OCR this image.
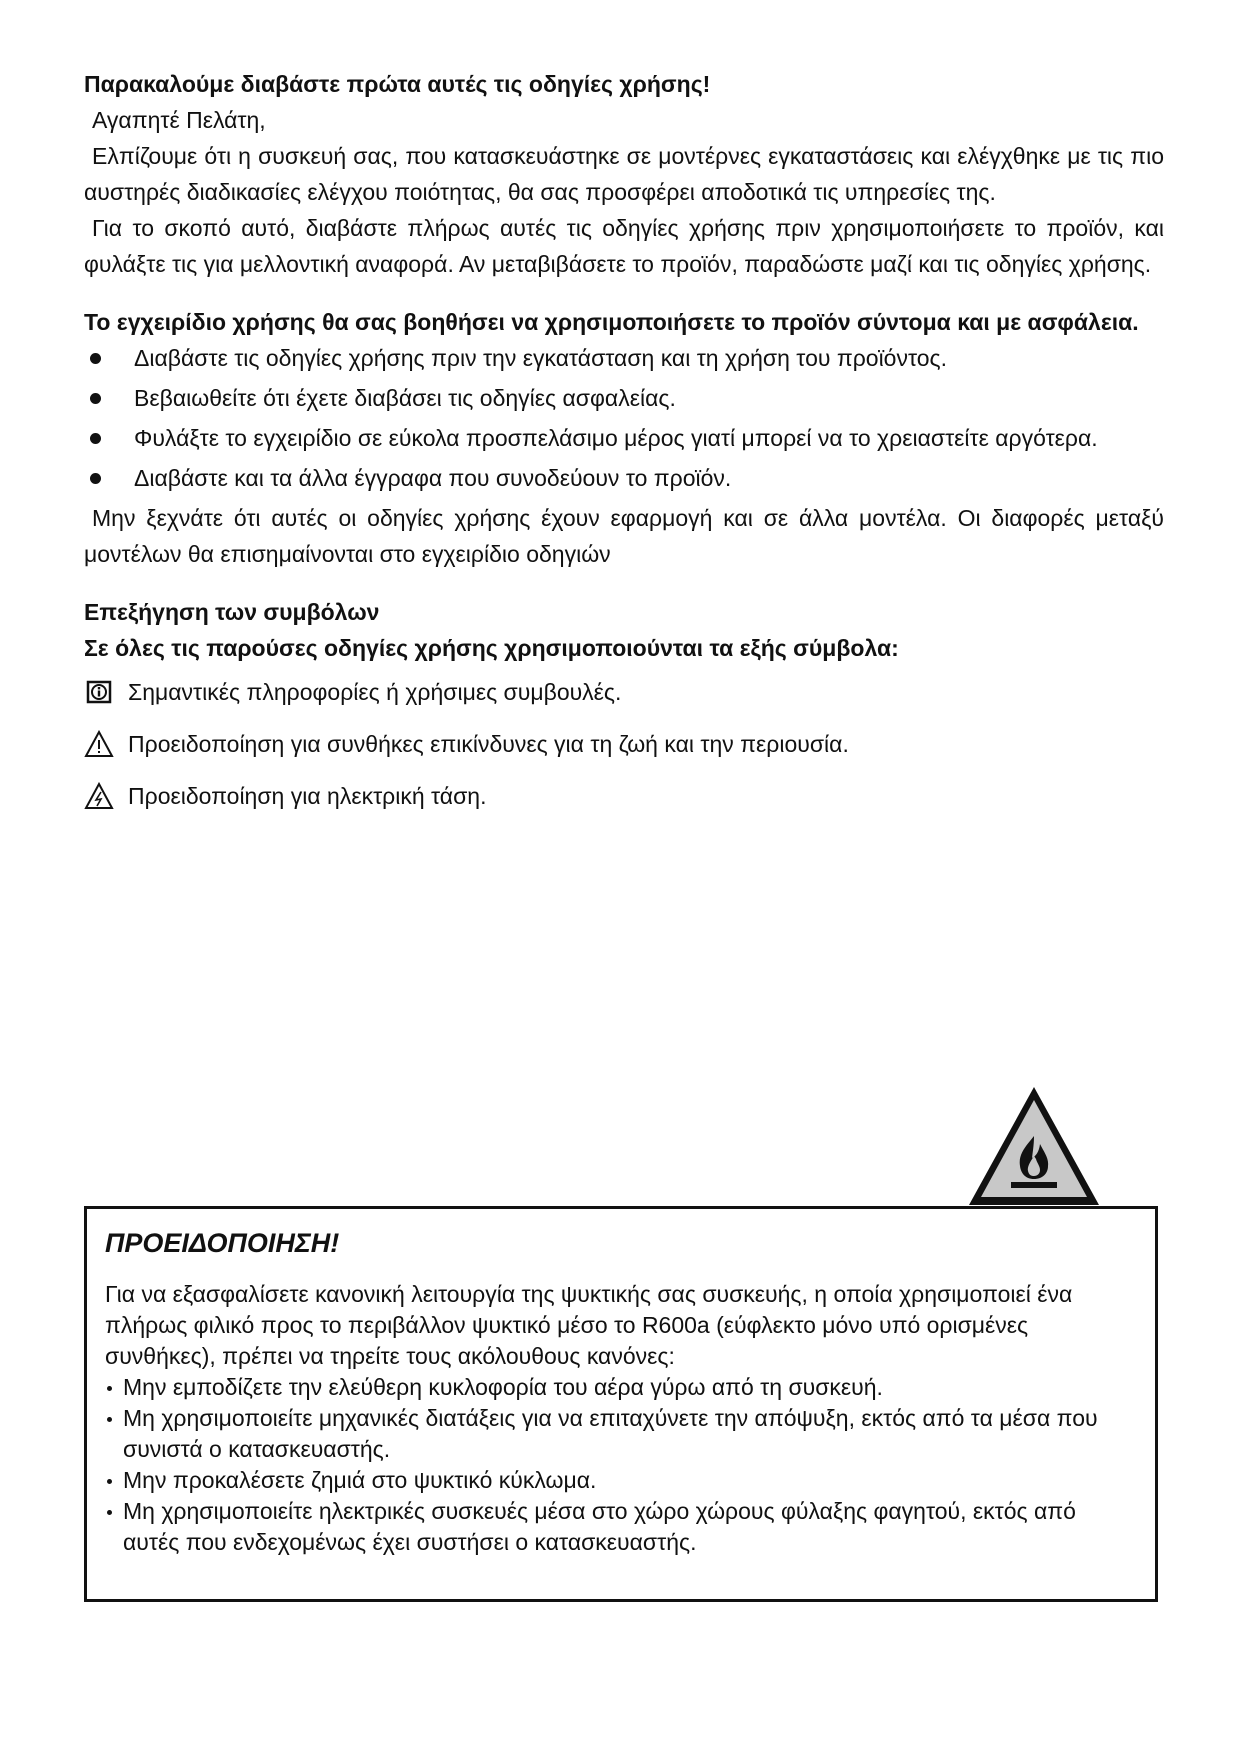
Παρακαλούμε διαβάστε πρώτα αυτές τις οδηγίες χρήσης!

Αγαπητέ Πελάτη,

Ελπίζουμε ότι η συσκευή σας, που κατασκευάστηκε σε μοντέρνες εγκαταστάσεις και ελέγχθηκε με τις πιο αυστηρές διαδικασίες ελέγχου ποιότητας, θα σας προσφέρει αποδοτικά τις υπηρεσίες της.

Για το σκοπό αυτό, διαβάστε πλήρως αυτές τις οδηγίες χρήσης πριν χρησιμοποιήσετε το προϊόν, και φυλάξτε τις για μελλοντική αναφορά. Αν μεταβιβάσετε το προϊόν, παραδώστε μαζί και τις οδηγίες χρήσης.

Το εγχειρίδιο χρήσης θα σας βοηθήσει να χρησιμοποιήσετε το προϊόν σύντομα και με ασφάλεια.

Διαβάστε τις οδηγίες χρήσης πριν την εγκατάσταση και τη χρήση του προϊόντος.
Βεβαιωθείτε ότι έχετε διαβάσει τις οδηγίες ασφαλείας.
Φυλάξτε το εγχειρίδιο σε εύκολα προσπελάσιμο μέρος γιατί μπορεί να το χρειαστείτε αργότερα.
Διαβάστε και τα άλλα έγγραφα που συνοδεύουν το προϊόν.

Μην ξεχνάτε ότι αυτές οι οδηγίες χρήσης έχουν εφαρμογή και σε άλλα μοντέλα. Οι διαφορές μεταξύ μοντέλων θα επισημαίνονται στο εγχειρίδιο οδηγιών

Επεξήγηση των συμβόλων

Σε όλες τις παρούσες οδηγίες χρήσης χρησιμοποιούνται τα εξής σύμβολα:

Σημαντικές πληροφορίες ή χρήσιμες συμβουλές.
Προειδοποίηση για συνθήκες επικίνδυνες για τη ζωή και την περιουσία.
Προειδοποίηση για ηλεκτρική τάση.

ΠΡΟΕΙΔΟΠΟΙΗΣΗ!

Για να εξασφαλίσετε κανονική λειτουργία της ψυκτικής σας συσκευής, η οποία χρησιμοποιεί ένα πλήρως φιλικό προς το περιβάλλον ψυκτικό μέσο το R600a (εύφλεκτο μόνο υπό ορισμένες συνθήκες), πρέπει να τηρείτε τους ακόλουθους κανόνες:

Μην εμποδίζετε την ελεύθερη κυκλοφορία του αέρα γύρω από τη συσκευή.
Μη χρησιμοποιείτε μηχανικές διατάξεις για να επιταχύνετε την απόψυξη, εκτός από τα μέσα που συνιστά ο κατασκευαστής.
Μην προκαλέσετε ζημιά στο ψυκτικό κύκλωμα.
Μη χρησιμοποιείτε ηλεκτρικές συσκευές μέσα στο χώρο χώρους φύλαξης φαγητού, εκτός από αυτές που ενδεχομένως έχει συστήσει ο κατασκευαστής.
